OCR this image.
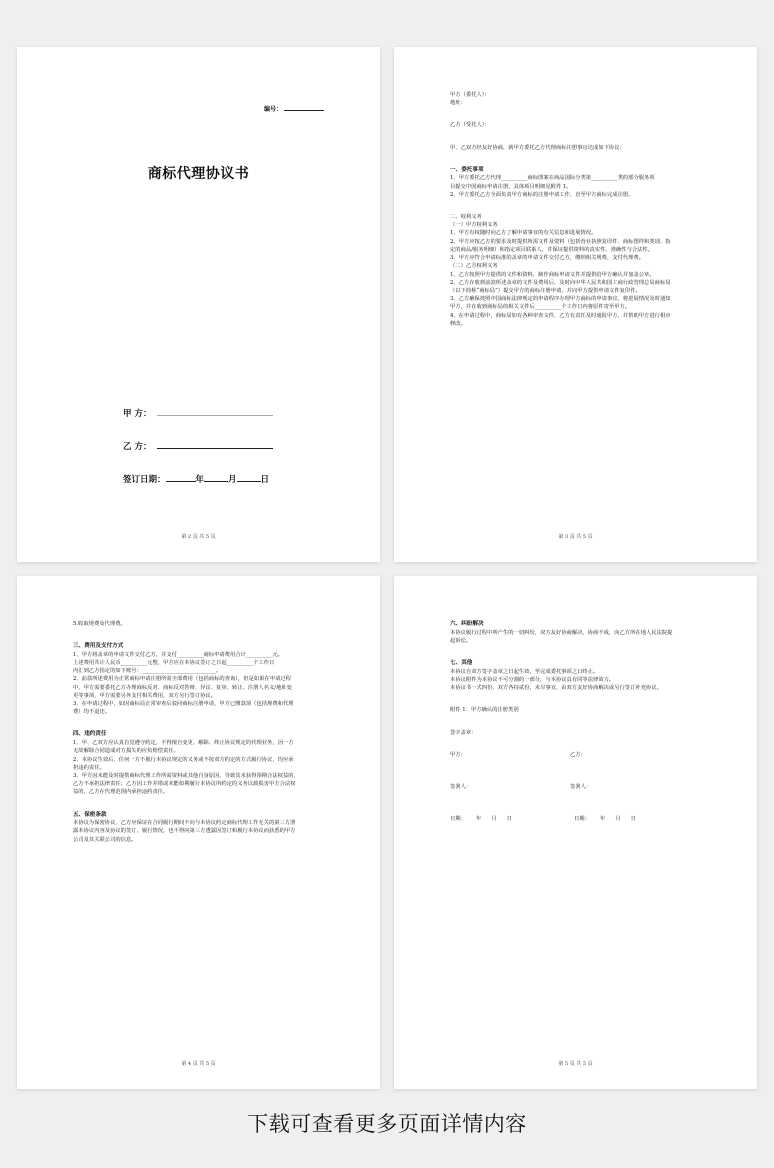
编号：
商标代理协议书
甲 方：
乙 方：
签订日期：	年	月	日
第 2 页 共 5 页
甲方（委托人）：
地址：
乙方（受托人）：
甲、乙双方经友好协商，就甲方委托乙方代理商标注册事宜达成如下协议：
一、委托事项
1、甲方委托乙方代理__________商标图案在商品国际分类第__________类的部分服务项
目提交中国商标申请注册，具体项目明细见附件 1。
2、甲方委托乙方全面负责甲方商标的注册申请工作，直至甲方商标完成注册。
二、权利义务
（一）甲方权利义务
1、甲方有权随时向乙方了解申请事宜的有关信息和进展情况。
2、甲方应按乙方的要求及时提供所需文件及资料（包括营业执照复印件、商标图样和类别、指
定的商品/服务明细）和指定项目联系人，并保证提供资料的真实性、准确性与合法性。
3、甲方应符合申请标准的盖章的申请文件交付乙方，缴纳相关规费，支付代理费。
（二）乙方权利义务
1、乙方按照甲方提供的文件和资料，制作商标申请文件并提供给甲方确认并加盖公章。
2、乙方在收到前款所述盖章的文件及费用后，及时向中华人民共和国工商行政管理总局商标局
（以下简称“商标局”）提交甲方的商标注册申请，并向甲方提供申请文件复印件。
3、乙方确保按照中国商标法律规定的申请程序办理甲方商标的申请事宜，将进展情况及时通知
甲方，并在收到商标局的相关文件后__________个工作日内将原件寄至甲方。
4、在申请过程中，商标局如有各种审查文件，乙方有责任及时通报甲方，并帮助甲方进行相应
修改。
第 3 页 共 5 页
5.收取规费及代理费。
三、费用及支付方式
1、甲方将盖章的申请文件交付乙方，并支付__________商标申请费用合计__________元。
上述费用共计人民币__________元整，甲方应在本协议签订之日起__________个工作日
内汇到乙方指定的如下账号：____________________________。
2、前款所述费用为正常商标申请注册所需全部费用（包括商标的查询），但是如果在申请过程
中，甲方需要委托乙方办理商标反对、商标反对答辩、异议、复审、转让、注册人名义/地址变
更等事项，甲方需要另外支付相关费用，双方另行签订协议。
3、在申请过程中，如因商标局正常审查后驳回商标注册申请，甲方已缴款项（包括规费和代理
费）均不退还。
四、违约责任
1、甲、乙双方应认真自觉遵守约定，不得擅自变更、解除、终止协议规定的代理业务，因一方
无故解除合同造成对方损失的应负赔偿责任。
2、本协议生效后，任何一方不履行本协议规定的义务或不按双方约定的方式履行协议，均应承
担违约责任。
3、甲方因未能及时提供商标代理工作所需资料或其他自身原因，导致其未获得预期合法权益的，
乙方不承担法律责任；乙方因工作差错或未能如期履行本协议所约定的义务以致损害甲方合法权
益的，乙方在代理范围内承担违约责任。
五、保密条款
本协议为保密协议，乙方应保证在合同履行期间不向与本协议约定商标代理工作无关的第三方泄
露本协议内容及协议的签订、履行情况，也不得向第三方透露因签订和履行本协议而获悉的甲方
公司及其关联公司的信息。
第 4 页 共 5 页
六、纠纷解决
本协议履行过程中所产生的一切纠纷，双方友好协商解决，协商不成，向乙方所在地人民法院提
起诉讼。
七、其他
本协议自双方签字盖章之日起生效，至完成委托事项之日终止。
本协议附件为本协议不可分割的一部分，与本协议具有同等法律效力。
本协议书一式四份，双方各持贰份，未尽事宜，由双方友好协商解决或另行签订补充协议。
附件 1：甲方确认的注册类别
签字盖章：
甲方：	乙方：
签署人：	签署人：
日期：      年      月      日	日期：      年      月      日
第 5 页 共 5 页
下载可查看更多页面详情内容
